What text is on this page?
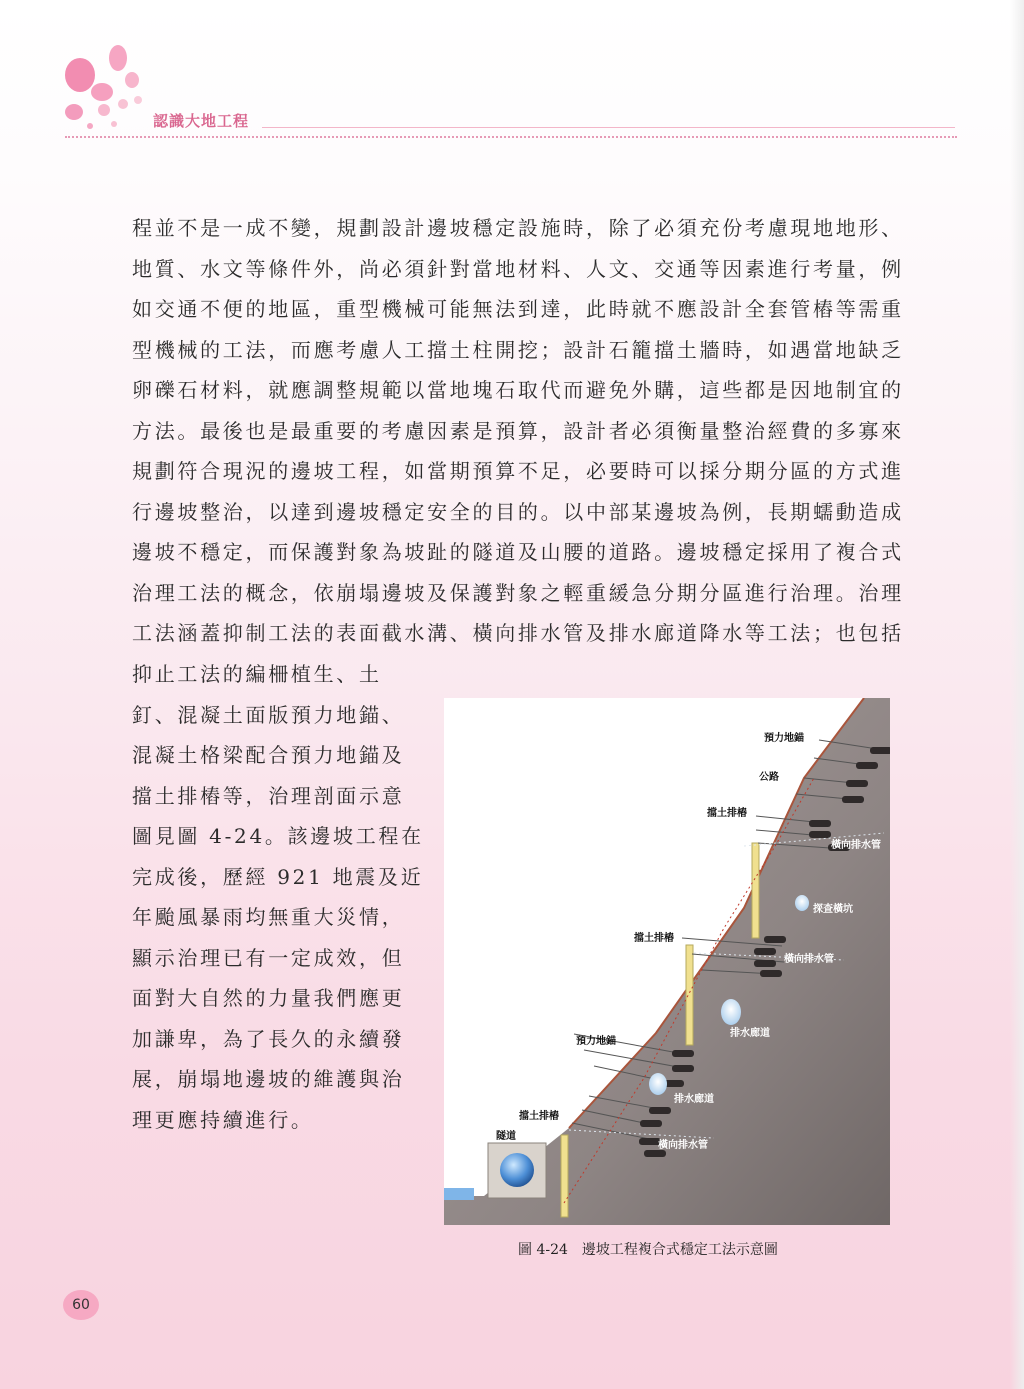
認識大地工程
程並不是一成不變，規劃設計邊坡穩定設施時，除了必須充份考慮現地地形、
地質、水文等條件外，尚必須針對當地材料、人文、交通等因素進行考量，例
如交通不便的地區，重型機械可能無法到達，此時就不應設計全套管樁等需重
型機械的工法，而應考慮人工擋土柱開挖；設計石籠擋土牆時，如遇當地缺乏
卵礫石材料，就應調整規範以當地塊石取代而避免外購，這些都是因地制宜的
方法。最後也是最重要的考慮因素是預算，設計者必須衡量整治經費的多寡來
規劃符合現況的邊坡工程，如當期預算不足，必要時可以採分期分區的方式進
行邊坡整治，以達到邊坡穩定安全的目的。以中部某邊坡為例，長期蠕動造成
邊坡不穩定，而保護對象為坡趾的隧道及山腰的道路。邊坡穩定採用了複合式
治理工法的概念，依崩塌邊坡及保護對象之輕重緩急分期分區進行治理。治理
工法涵蓋抑制工法的表面截水溝、橫向排水管及排水廊道降水等工法；也包括
抑止工法的編柵植生、土
釘、混凝土面版預力地錨、
混凝土格梁配合預力地錨及
擋土排樁等，治理剖面示意
圖見圖 4-24。該邊坡工程在
完成後，歷經 921 地震及近
年颱風暴雨均無重大災情，
顯示治理已有一定成效，但
面對大自然的力量我們應更
加謙卑，為了長久的永續發
展，崩塌地邊坡的維護與治
理更應持續進行。
預力地錨
公路
擋土排樁
橫向排水管
探查橫坑
擋土排樁
橫向排水管
排水廊道
預力地錨
排水廊道
擋土排樁
隧道
橫向排水管
圖 4-24 邊坡工程複合式穩定工法示意圖
60
